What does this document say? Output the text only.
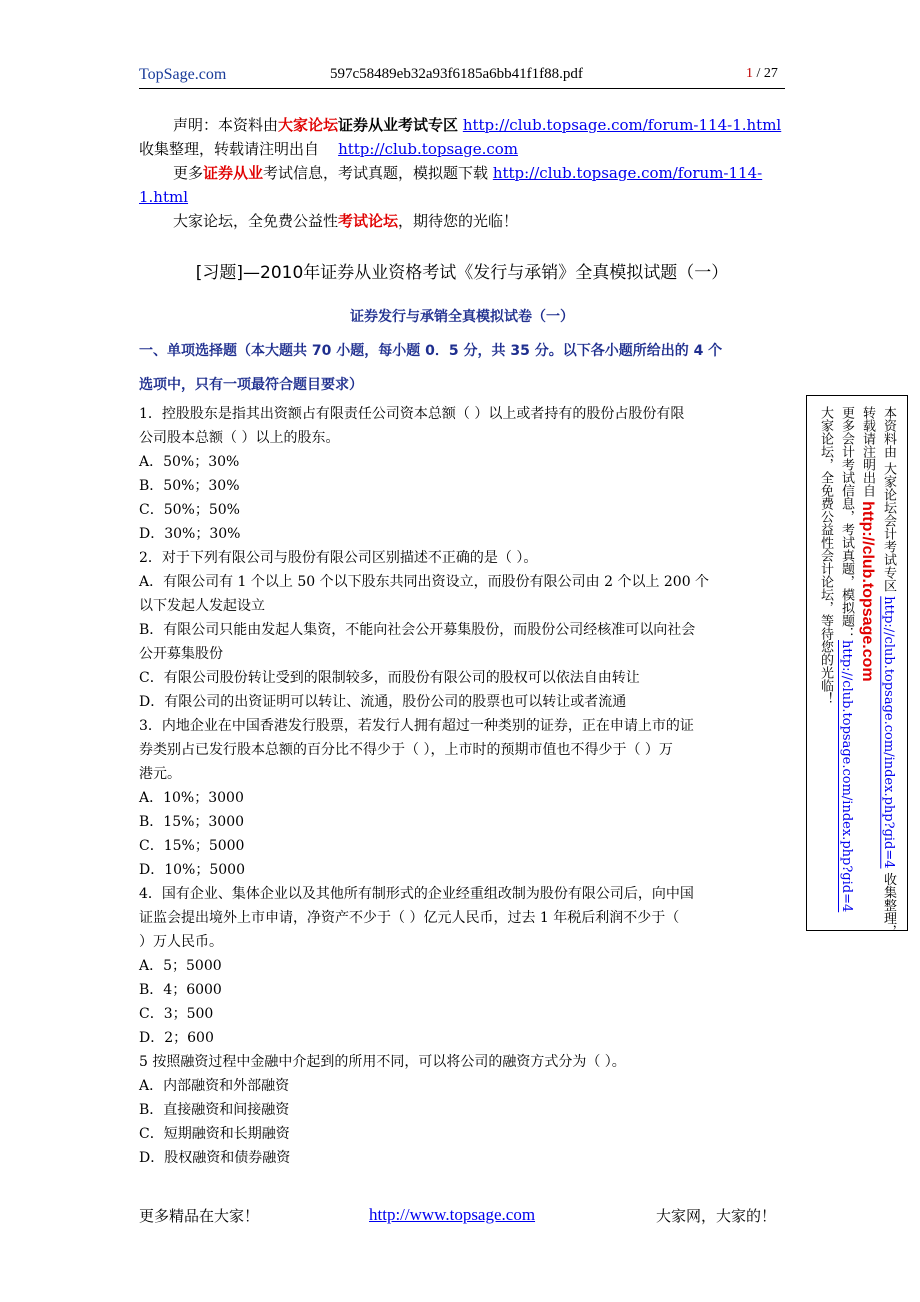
TopSage.com	597c58489eb32a93f6185a6bb41f1f88.pdf	1 / 27
声明：本资料由大家论坛证券从业考试专区 http://club.topsage.com/forum-114-1.html
收集整理，转载请注明出自 http://club.topsage.com
更多证券从业考试信息，考试真题，模拟题下载 http://club.topsage.com/forum-114-
1.html
大家论坛，全免费公益性考试论坛，期待您的光临！
[习题]—2010年证券从业资格考试《发行与承销》全真模拟试题（一）
证券发行与承销全真模拟试卷（一）
一、单项选择题（本大题共 70 小题，每小题 0．5 分，共 35 分。以下各小题所给出的 4 个
选项中，只有一项最符合题目要求）
1．控股股东是指其出资额占有限责任公司资本总额（ ）以上或者持有的股份占股份有限
公司股本总额（ ）以上的股东。
A．50%；30%
B．50%；30%
C．50%；50%
D．30%；30%
2．对于下列有限公司与股份有限公司区别描述不正确的是（ ）。
A．有限公司有 1 个以上 50 个以下股东共同出资设立，而股份有限公司由 2 个以上 200 个
以下发起人发起设立
B．有限公司只能由发起人集资，不能向社会公开募集股份，而股份公司经核准可以向社会
公开募集股份
C．有限公司股份转让受到的限制较多，而股份有限公司的股权可以依法自由转让
D．有限公司的出资证明可以转让、流通，股份公司的股票也可以转让或者流通
3．内地企业在中国香港发行股票，若发行人拥有超过一种类别的证券，正在申请上市的证
券类别占已发行股本总额的百分比不得少于（ ），上市时的预期市值也不得少于（ ）万
港元。
A．10%；3000
B．15%；3000
C．15%；5000
D．10%；5000
4．国有企业、集体企业以及其他所有制形式的企业经重组改制为股份有限公司后，向中国
证监会提出境外上市申请，净资产不少于（ ）亿元人民币，过去 1 年税后利润不少于（
）万人民币。
A．5；5000
B．4；6000
C．3；500
D．2；600
5 按照融资过程中金融中介起到的所用不同，可以将公司的融资方式分为（ ）。
A．内部融资和外部融资
B．直接融资和间接融资
C．短期融资和长期融资
D．股权融资和债券融资
本资料由 大家论坛会计考试专区 http://club.topsage.com/index.php?gid=4 收集整理，
转载请注明出自 http://club.topsage.com
更多会计考试信息，考试真题，模拟题：http://club.topsage.com/index.php?gid=4
大家论坛，全免费公益性会计论坛，等待您的光临！
更多精品在大家！	http://www.topsage.com	大家网，大家的！
